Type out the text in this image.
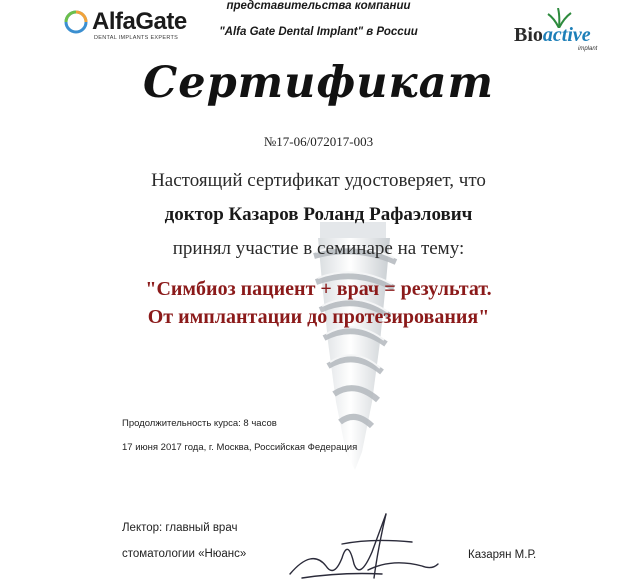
AlfaGate
DENTAL IMPLANTS EXPERTS	Bioactive
implant
представительства компании
"Alfa Gate Dental Implant" в России
Сертификат
№17-06/072017-003
Настоящий сертификат удостоверяет, что
доктор Казаров Роланд Рафаэлович
принял участие в семинаре на тему:
"Симбиоз пациент + врач = результат.
От имплантации до протезирования"
Продолжительность курса: 8 часов
17 июня 2017 года, г. Москва, Российская Федерация
Лектор: главный врач
стоматологии «Нюанс»	Казарян М.Р.
